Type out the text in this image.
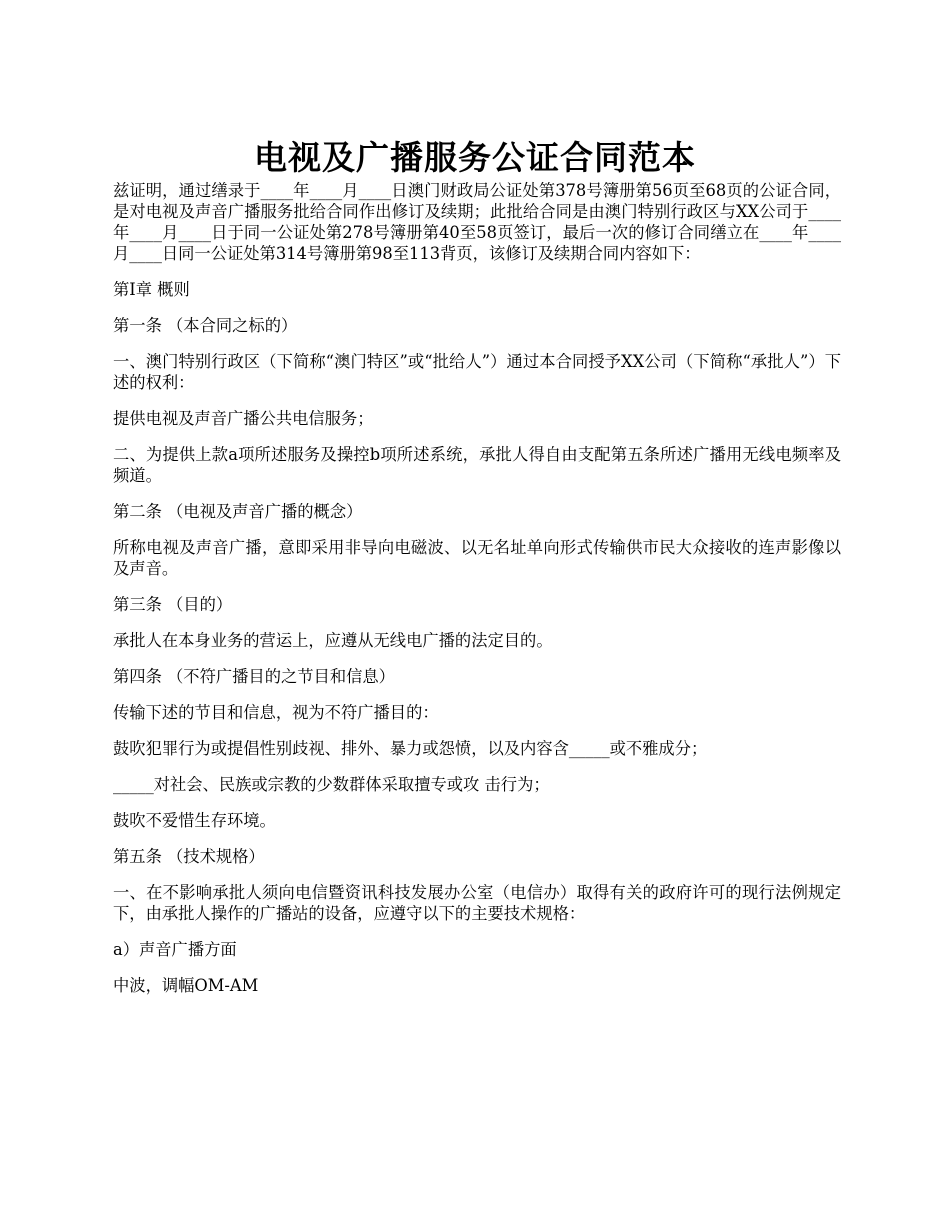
电视及广播服务公证合同范本

兹证明，通过缮录于____年____月____日澳门财政局公证处第378号簿册第56页至68页的公证合同，是对电视及声音广播服务批给合同作出修订及续期；此批给合同是由澳门特别行政区与XX公司于____年____月____日于同一公证处第278号簿册第40至58页签订，最后一次的修订合同缮立在____年____月____日同一公证处第314号簿册第98至113背页，该修订及续期合同内容如下：

第I章 概则

第一条 （本合同之标的）

一、澳门特别行政区（下简称“澳门特区”或“批给人”）通过本合同授予XX公司（下简称“承批人”）下述的权利：

提供电视及声音广播公共电信服务；

二、为提供上款a项所述服务及操控b项所述系统，承批人得自由支配第五条所述广播用无线电频率及频道。

第二条 （电视及声音广播的概念）

所称电视及声音广播，意即采用非导向电磁波、以无名址单向形式传输供市民大众接收的连声影像以及声音。

第三条 （目的）

承批人在本身业务的营运上，应遵从无线电广播的法定目的。

第四条 （不符广播目的之节目和信息）

传输下述的节目和信息，视为不符广播目的：

鼓吹犯罪行为或提倡性别歧视、排外、暴力或怨愤，以及内容含_____或不雅成分；

_____对社会、民族或宗教的少数群体采取擅专或攻 击行为；

鼓吹不爱惜生存环境。

第五条 （技术规格）

一、在不影响承批人须向电信暨资讯科技发展办公室（电信办）取得有关的政府许可的现行法例规定下，由承批人操作的广播站的设备，应遵守以下的主要技术规格：

a）声音广播方面

中波，调幅OM-AM
